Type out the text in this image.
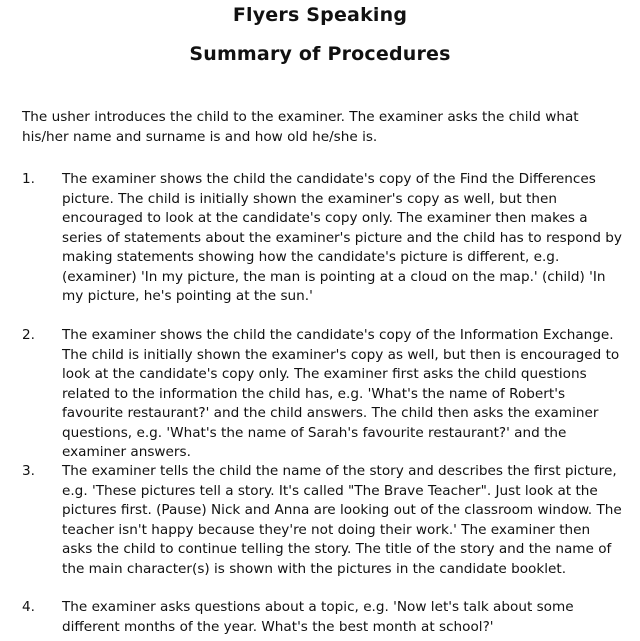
Flyers Speaking
Summary of Procedures

The usher introduces the child to the examiner. The examiner asks the child what his/her name and surname is and how old he/she is.

1.	The examiner shows the child the candidate's copy of the Find the Differences picture. The child is initially shown the examiner's copy as well, but then encouraged to look at the candidate's copy only. The examiner then makes a series of statements about the examiner's picture and the child has to respond by making statements showing how the candidate's picture is different, e.g. (examiner) 'In my picture, the man is pointing at a cloud on the map.' (child) 'In my picture, he's pointing at the sun.'

2.	The examiner shows the child the candidate's copy of the Information Exchange. The child is initially shown the examiner's copy as well, but then is encouraged to look at the candidate's copy only. The examiner first asks the child questions related to the information the child has, e.g. 'What's the name of Robert's favourite restaurant?' and the child answers. The child then asks the examiner questions, e.g. 'What's the name of Sarah's favourite restaurant?' and the examiner answers.

3.	The examiner tells the child the name of the story and describes the first picture, e.g. 'These pictures tell a story. It's called "The Brave Teacher". Just look at the pictures first. (Pause) Nick and Anna are looking out of the classroom window. The teacher isn't happy because they're not doing their work.' The examiner then asks the child to continue telling the story. The title of the story and the name of the main character(s) is shown with the pictures in the candidate booklet.

4.	The examiner asks questions about a topic, e.g. 'Now let's talk about some different months of the year. What's the best month at school?'
